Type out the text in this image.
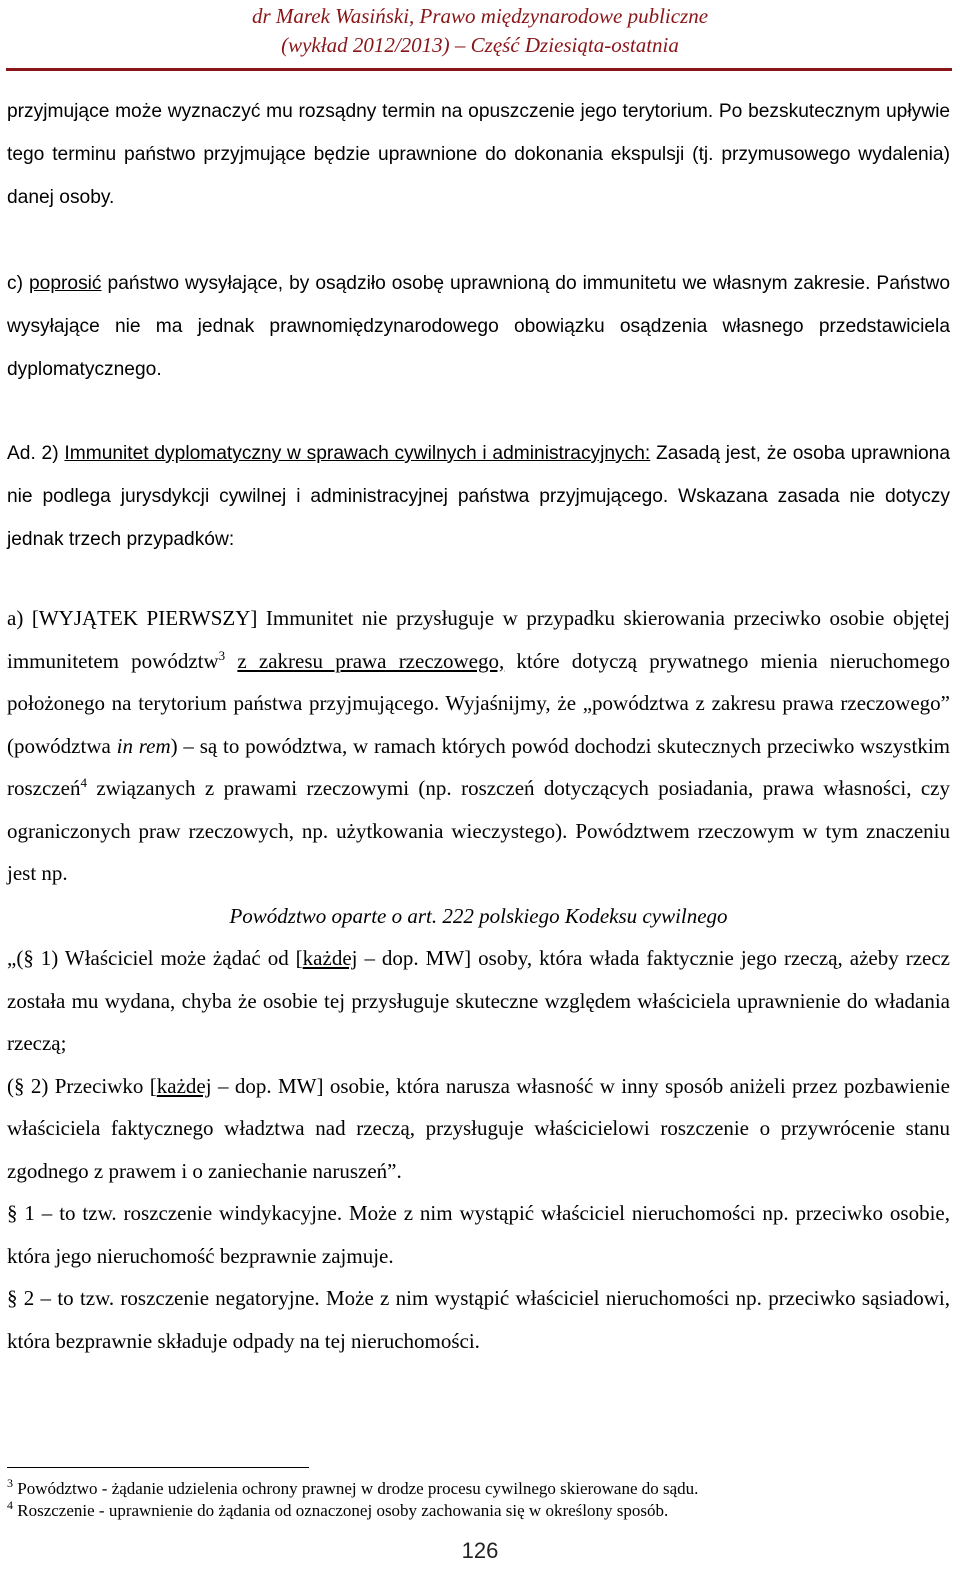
dr Marek Wasiński, Prawo międzynarodowe publiczne
(wykład 2012/2013) – Część Dziesiąta-ostatnia

przyjmujące może wyznaczyć mu rozsądny termin na opuszczenie jego terytorium. Po bezskutecznym upływie tego terminu państwo przyjmujące będzie uprawnione do dokonania ekspulsji (tj. przymusowego wydalenia) danej osoby.

c) poprosić państwo wysyłające, by osądziło osobę uprawnioną do immunitetu we własnym zakresie. Państwo wysyłające nie ma jednak prawnomiędzynarodowego obowiązku osądzenia własnego przedstawiciela dyplomatycznego.

Ad. 2) Immunitet dyplomatyczny w sprawach cywilnych i administracyjnych: Zasadą jest, że osoba uprawniona nie podlega jurysdykcji cywilnej i administracyjnej państwa przyjmującego. Wskazana zasada nie dotyczy jednak trzech przypadków:

a) [WYJĄTEK PIERWSZY] Immunitet nie przysługuje w przypadku skierowania przeciwko osobie objętej immunitetem powództw$^3$ z zakresu prawa rzeczowego, które dotyczą prywatnego mienia nieruchomego położonego na terytorium państwa przyjmującego. Wyjaśnijmy, że „powództwa z zakresu prawa rzeczowego” (powództwa in rem) – są to powództwa, w ramach których powód dochodzi skutecznych przeciwko wszystkim roszczeń$^4$ związanych z prawami rzeczowymi (np. roszczeń dotyczących posiadania, prawa własności, czy ograniczonych praw rzeczowych, np. użytkowania wieczystego). Powództwem rzeczowym w tym znaczeniu jest np.

Powództwo oparte o art. 222 polskiego Kodeksu cywilnego

„(§ 1) Właściciel może żądać od [każdej – dop. MW] osoby, która włada faktycznie jego rzeczą, ażeby rzecz została mu wydana, chyba że osobie tej przysługuje skuteczne względem właściciela uprawnienie do władania rzeczą;

(§ 2) Przeciwko [każdej – dop. MW] osobie, która narusza własność w inny sposób aniżeli przez pozbawienie właściciela faktycznego władztwa nad rzeczą, przysługuje właścicielowi roszczenie o przywrócenie stanu zgodnego z prawem i o zaniechanie naruszeń”.

§ 1 – to tzw. roszczenie windykacyjne. Może z nim wystąpić właściciel nieruchomości np. przeciwko osobie, która jego nieruchomość bezprawnie zajmuje.

§ 2 – to tzw. roszczenie negatoryjne. Może z nim wystąpić właściciel nieruchomości np. przeciwko sąsiadowi, która bezprawnie składuje odpady na tej nieruchomości.

$^3$ Powództwo - żądanie udzielenia ochrony prawnej w drodze procesu cywilnego skierowane do sądu.
$^4$ Roszczenie - uprawnienie do żądania od oznaczonej osoby zachowania się w określony sposób.
126
